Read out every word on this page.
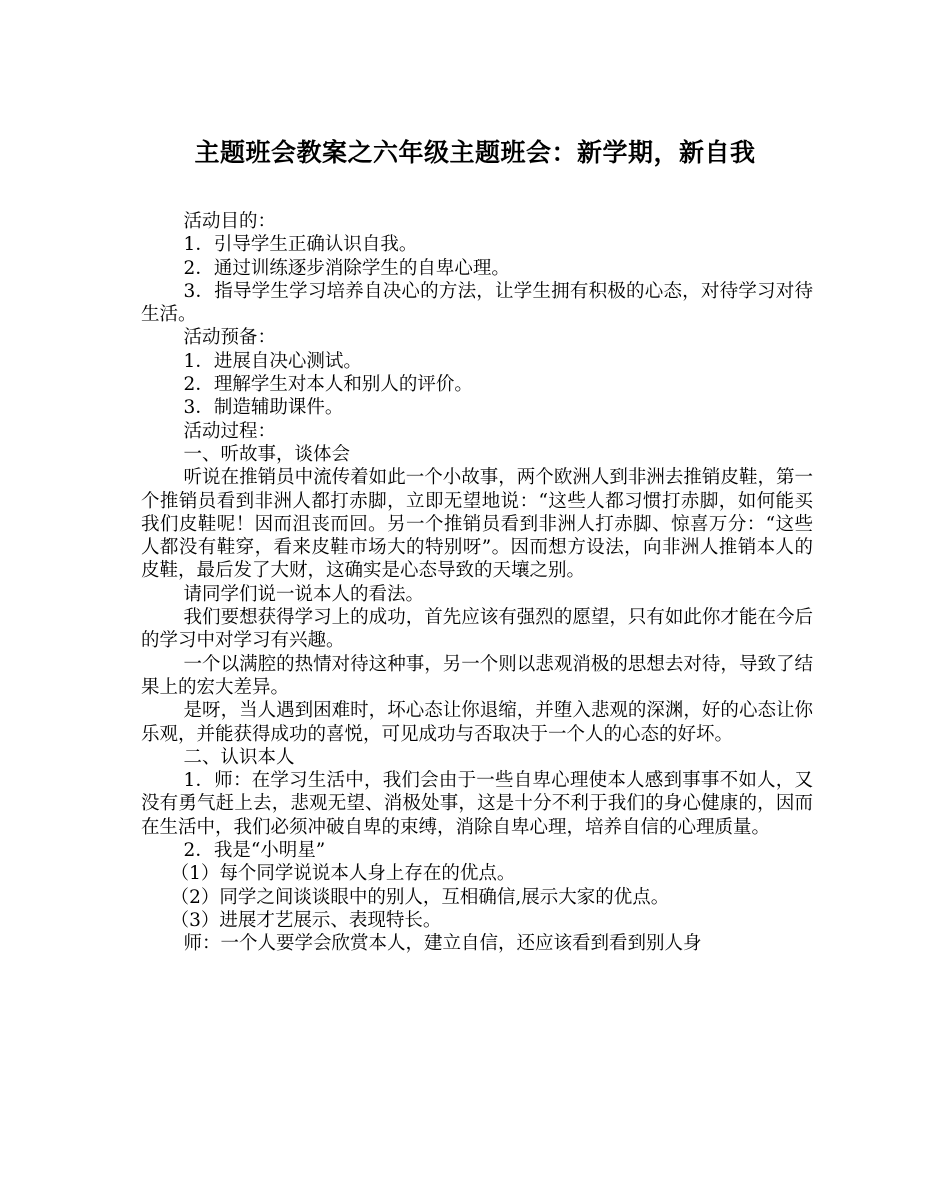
主题班会教案之六年级主题班会：新学期，新自我

活动目的：

1．引导学生正确认识自我。

2．通过训练逐步消除学生的自卑心理。

3．指导学生学习培养自决心的方法，让学生拥有积极的心态，对待学习对待生活。

活动预备：

1．进展自决心测试。

2．理解学生对本人和别人的评价。

3．制造辅助课件。

活动过程：

一、听故事，谈体会

听说在推销员中流传着如此一个小故事，两个欧洲人到非洲去推销皮鞋，第一个推销员看到非洲人都打赤脚，立即无望地说：“这些人都习惯打赤脚，如何能买我们皮鞋呢！因而沮丧而回。另一个推销员看到非洲人打赤脚、惊喜万分：“这些人都没有鞋穿，看来皮鞋市场大的特别呀”。因而想方设法，向非洲人推销本人的皮鞋，最后发了大财，这确实是心态导致的天壤之别。

请同学们说一说本人的看法。

我们要想获得学习上的成功，首先应该有强烈的愿望，只有如此你才能在今后的学习中对学习有兴趣。

一个以满腔的热情对待这种事，另一个则以悲观消极的思想去对待，导致了结果上的宏大差异。

是呀，当人遇到困难时，坏心态让你退缩，并堕入悲观的深渊，好的心态让你乐观，并能获得成功的喜悦，可见成功与否取决于一个人的心态的好坏。

二、认识本人

1．师：在学习生活中，我们会由于一些自卑心理使本人感到事事不如人，又没有勇气赶上去，悲观无望、消极处事，这是十分不利于我们的身心健康的，因而在生活中，我们必须冲破自卑的束缚，消除自卑心理，培养自信的心理质量。

2．我是“小明星”

（1）每个同学说说本人身上存在的优点。

（2）同学之间谈谈眼中的别人，互相确信,展示大家的优点。

（3）进展才艺展示、表现特长。

师：一个人要学会欣赏本人，建立自信，还应该看到看到别人身
